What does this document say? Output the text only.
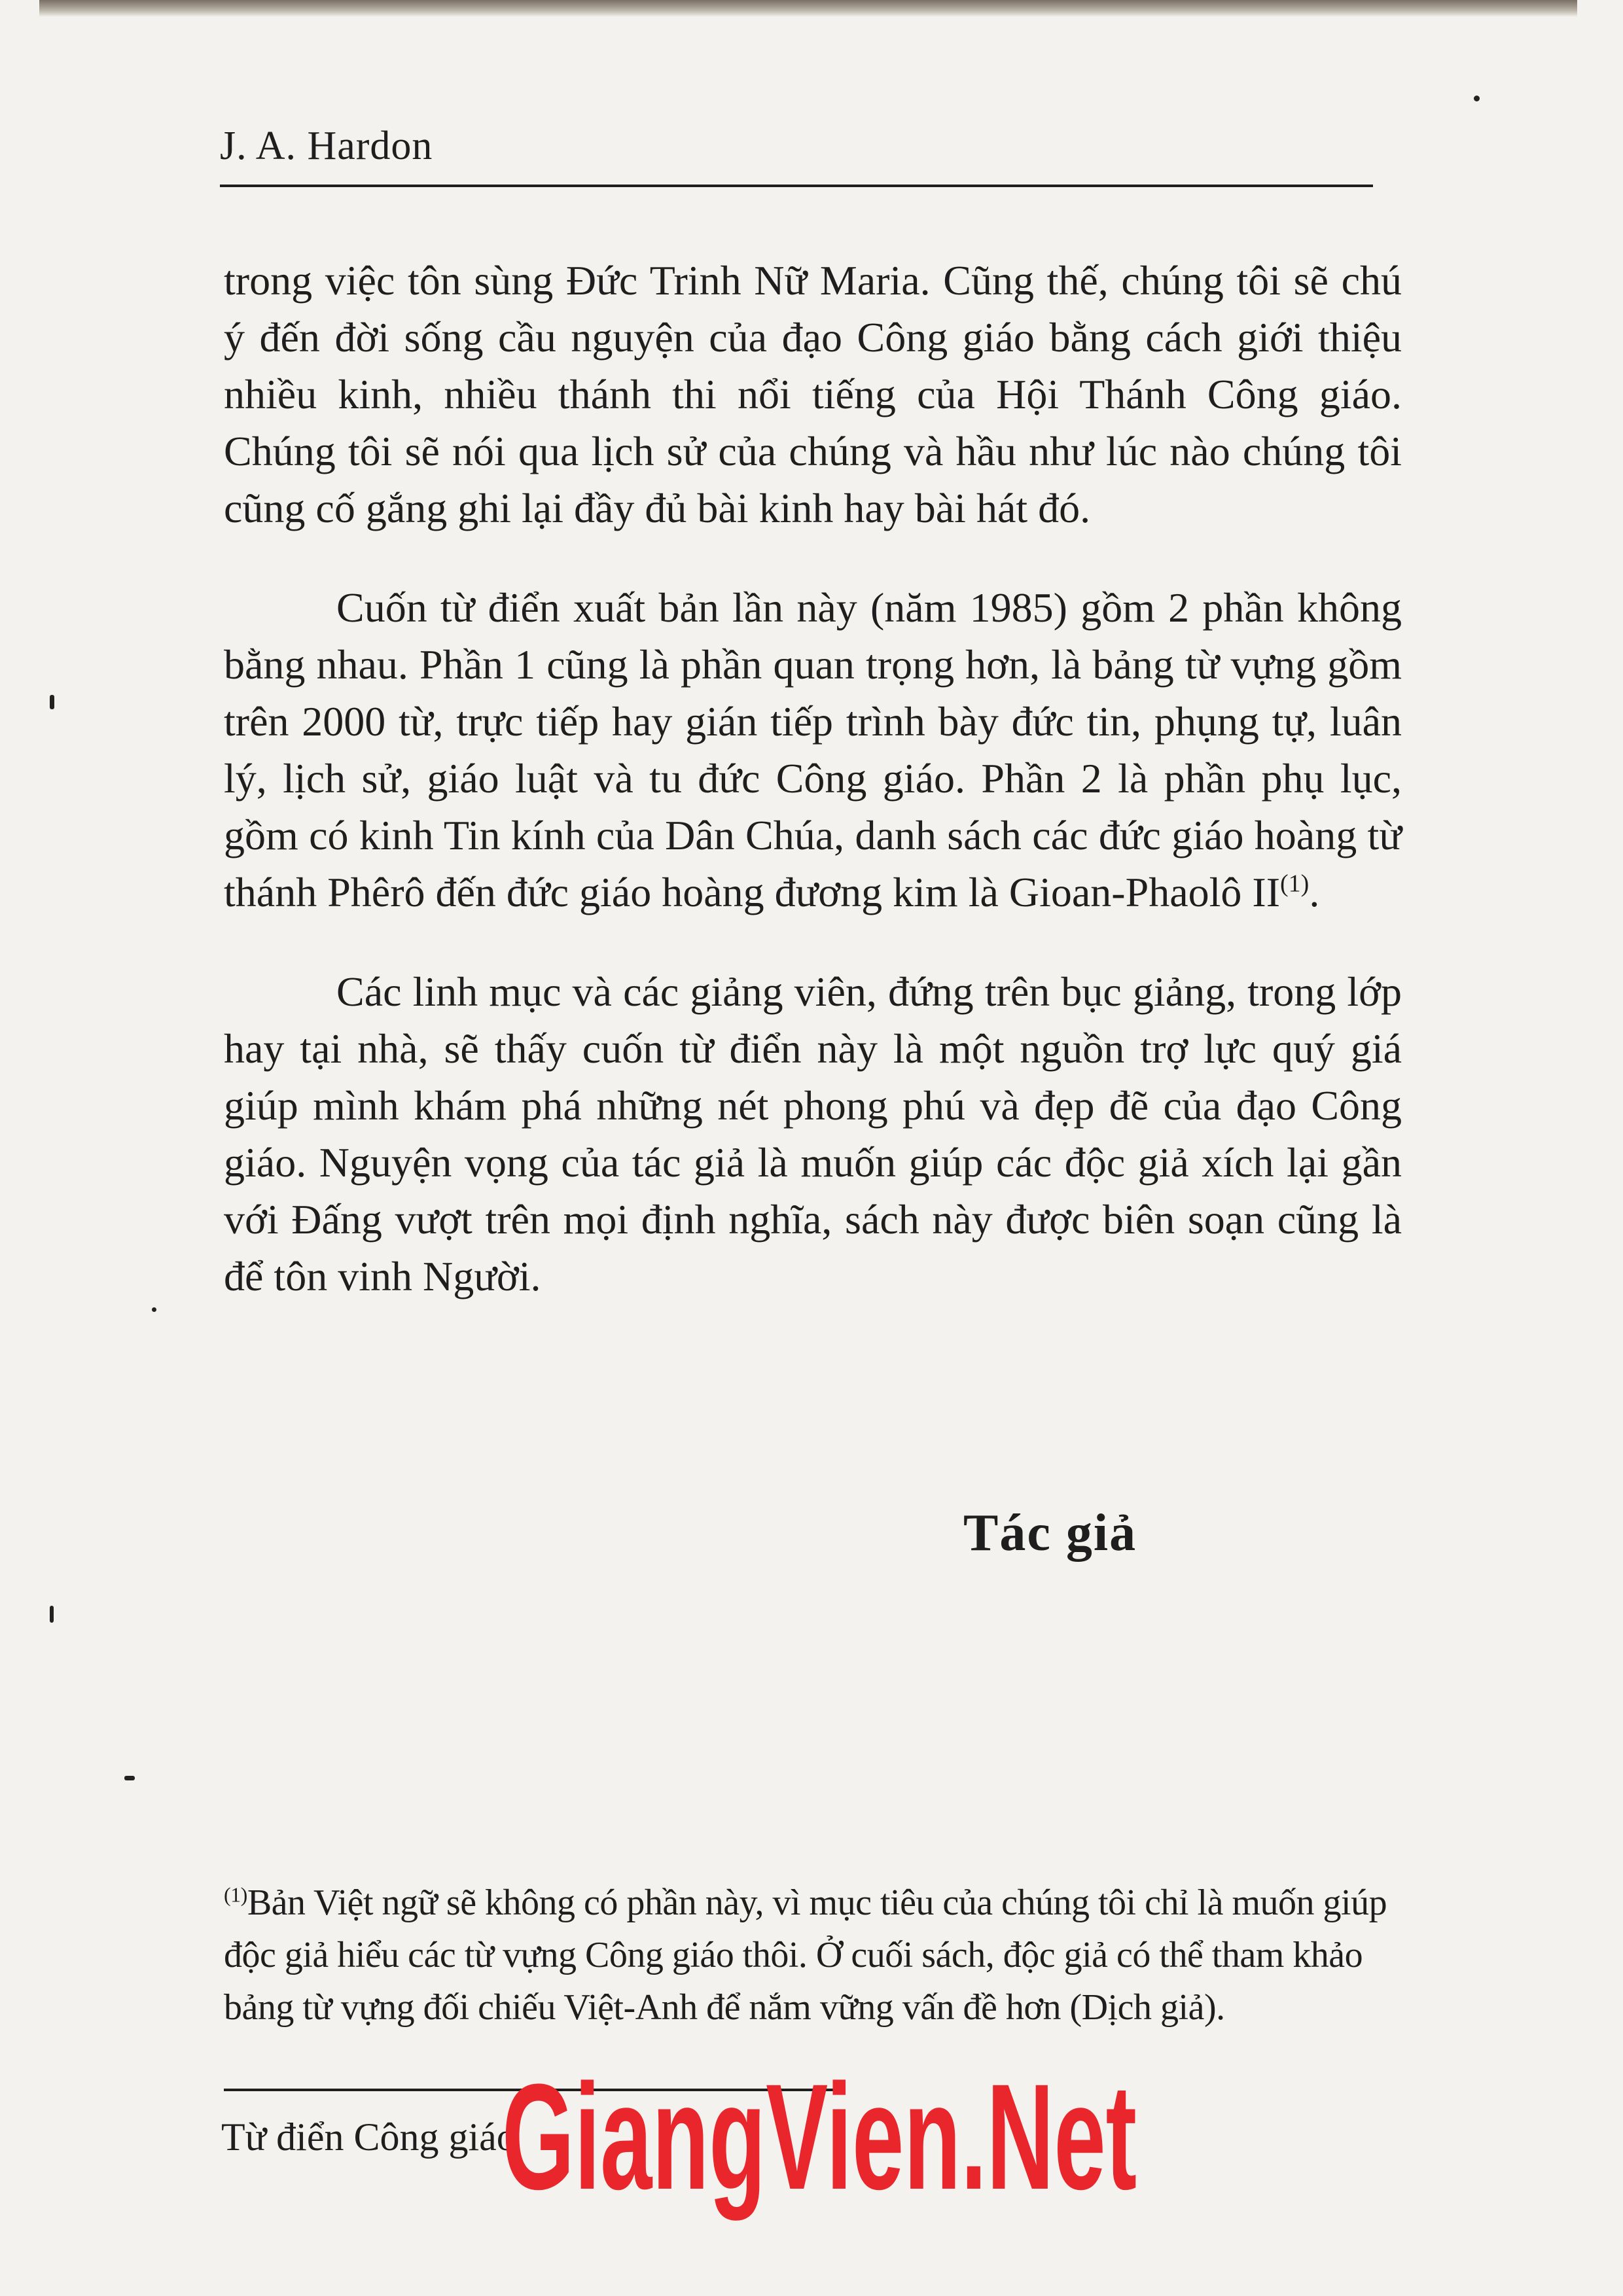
J. A. Hardon

trong việc tôn sùng Đức Trinh Nữ Maria. Cũng thế, chúng tôi sẽ chú ý đến đời sống cầu nguyện của đạo Công giáo bằng cách giới thiệu nhiều kinh, nhiều thánh thi nổi tiếng của Hội Thánh Công giáo. Chúng tôi sẽ nói qua lịch sử của chúng và hầu như lúc nào chúng tôi cũng cố gắng ghi lại đầy đủ bài kinh hay bài hát đó.

Cuốn từ điển xuất bản lần này (năm 1985) gồm 2 phần không bằng nhau. Phần 1 cũng là phần quan trọng hơn, là bảng từ vựng gồm trên 2000 từ, trực tiếp hay gián tiếp trình bày đức tin, phụng tự, luân lý, lịch sử, giáo luật và tu đức Công giáo. Phần 2 là phần phụ lục, gồm có kinh Tin kính của Dân Chúa, danh sách các đức giáo hoàng từ thánh Phêrô đến đức giáo hoàng đương kim là Gioan-Phaolô II$^{(1)}$.

Các linh mục và các giảng viên, đứng trên bục giảng, trong lớp hay tại nhà, sẽ thấy cuốn từ điển này là một nguồn trợ lực quý giá giúp mình khám phá những nét phong phú và đẹp đẽ của đạo Công giáo. Nguyện vọng của tác giả là muốn giúp các độc giả xích lại gần với Đấng vượt trên mọi định nghĩa, sách này được biên soạn cũng là để tôn vinh Người.

Tác giả
$^{(1)}$Bản Việt ngữ sẽ không có phần này, vì mục tiêu của chúng tôi chỉ là muốn giúp độc giả hiểu các từ vựng Công giáo thôi. Ở cuối sách, độc giả có thể tham khảo bảng từ vựng đối chiếu Việt-Anh để nắm vững vấn đề hơn (Dịch giả).
Từ điển Công giáo
GiangVien.Net
